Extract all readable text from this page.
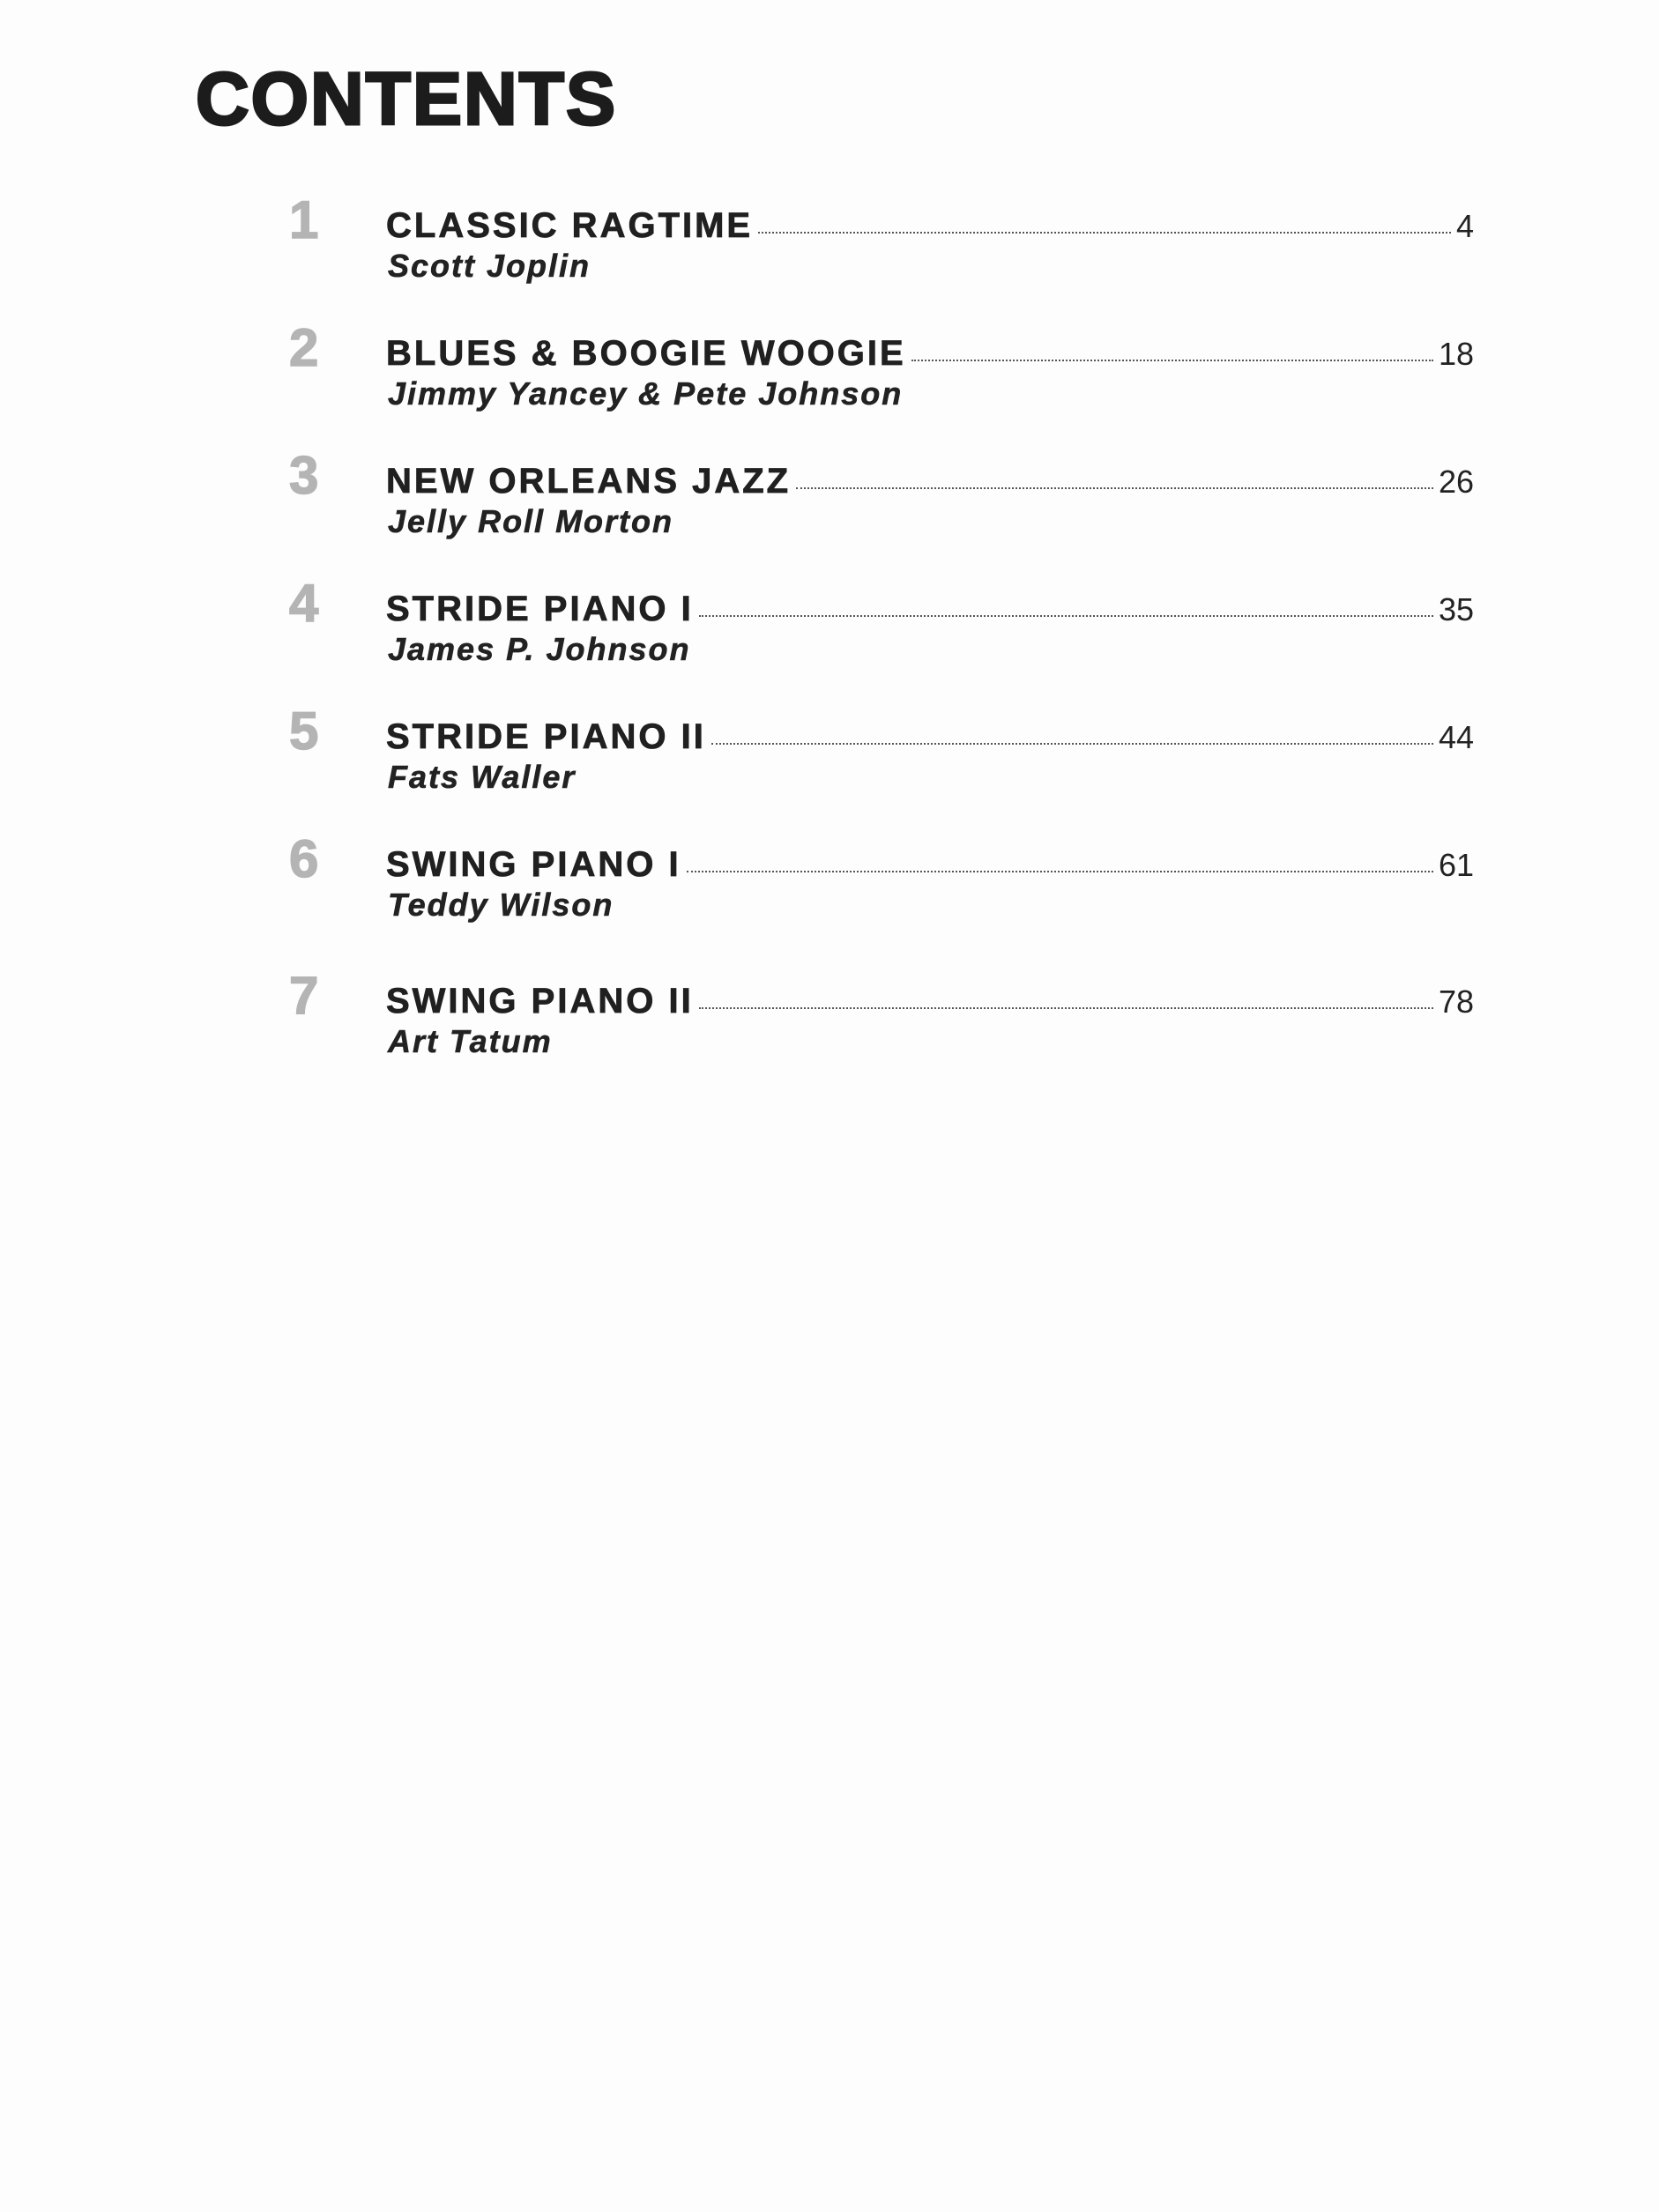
CONTENTS
1	CLASSIC RAGTIME	4
Scott Joplin
2	BLUES & BOOGIE WOOGIE	18
Jimmy Yancey & Pete Johnson
3	NEW ORLEANS JAZZ	26
Jelly Roll Morton
4	STRIDE PIANO I	35
James P. Johnson
5	STRIDE PIANO II	44
Fats Waller
6	SWING PIANO I	61
Teddy Wilson
7	SWING PIANO II	78
Art Tatum
